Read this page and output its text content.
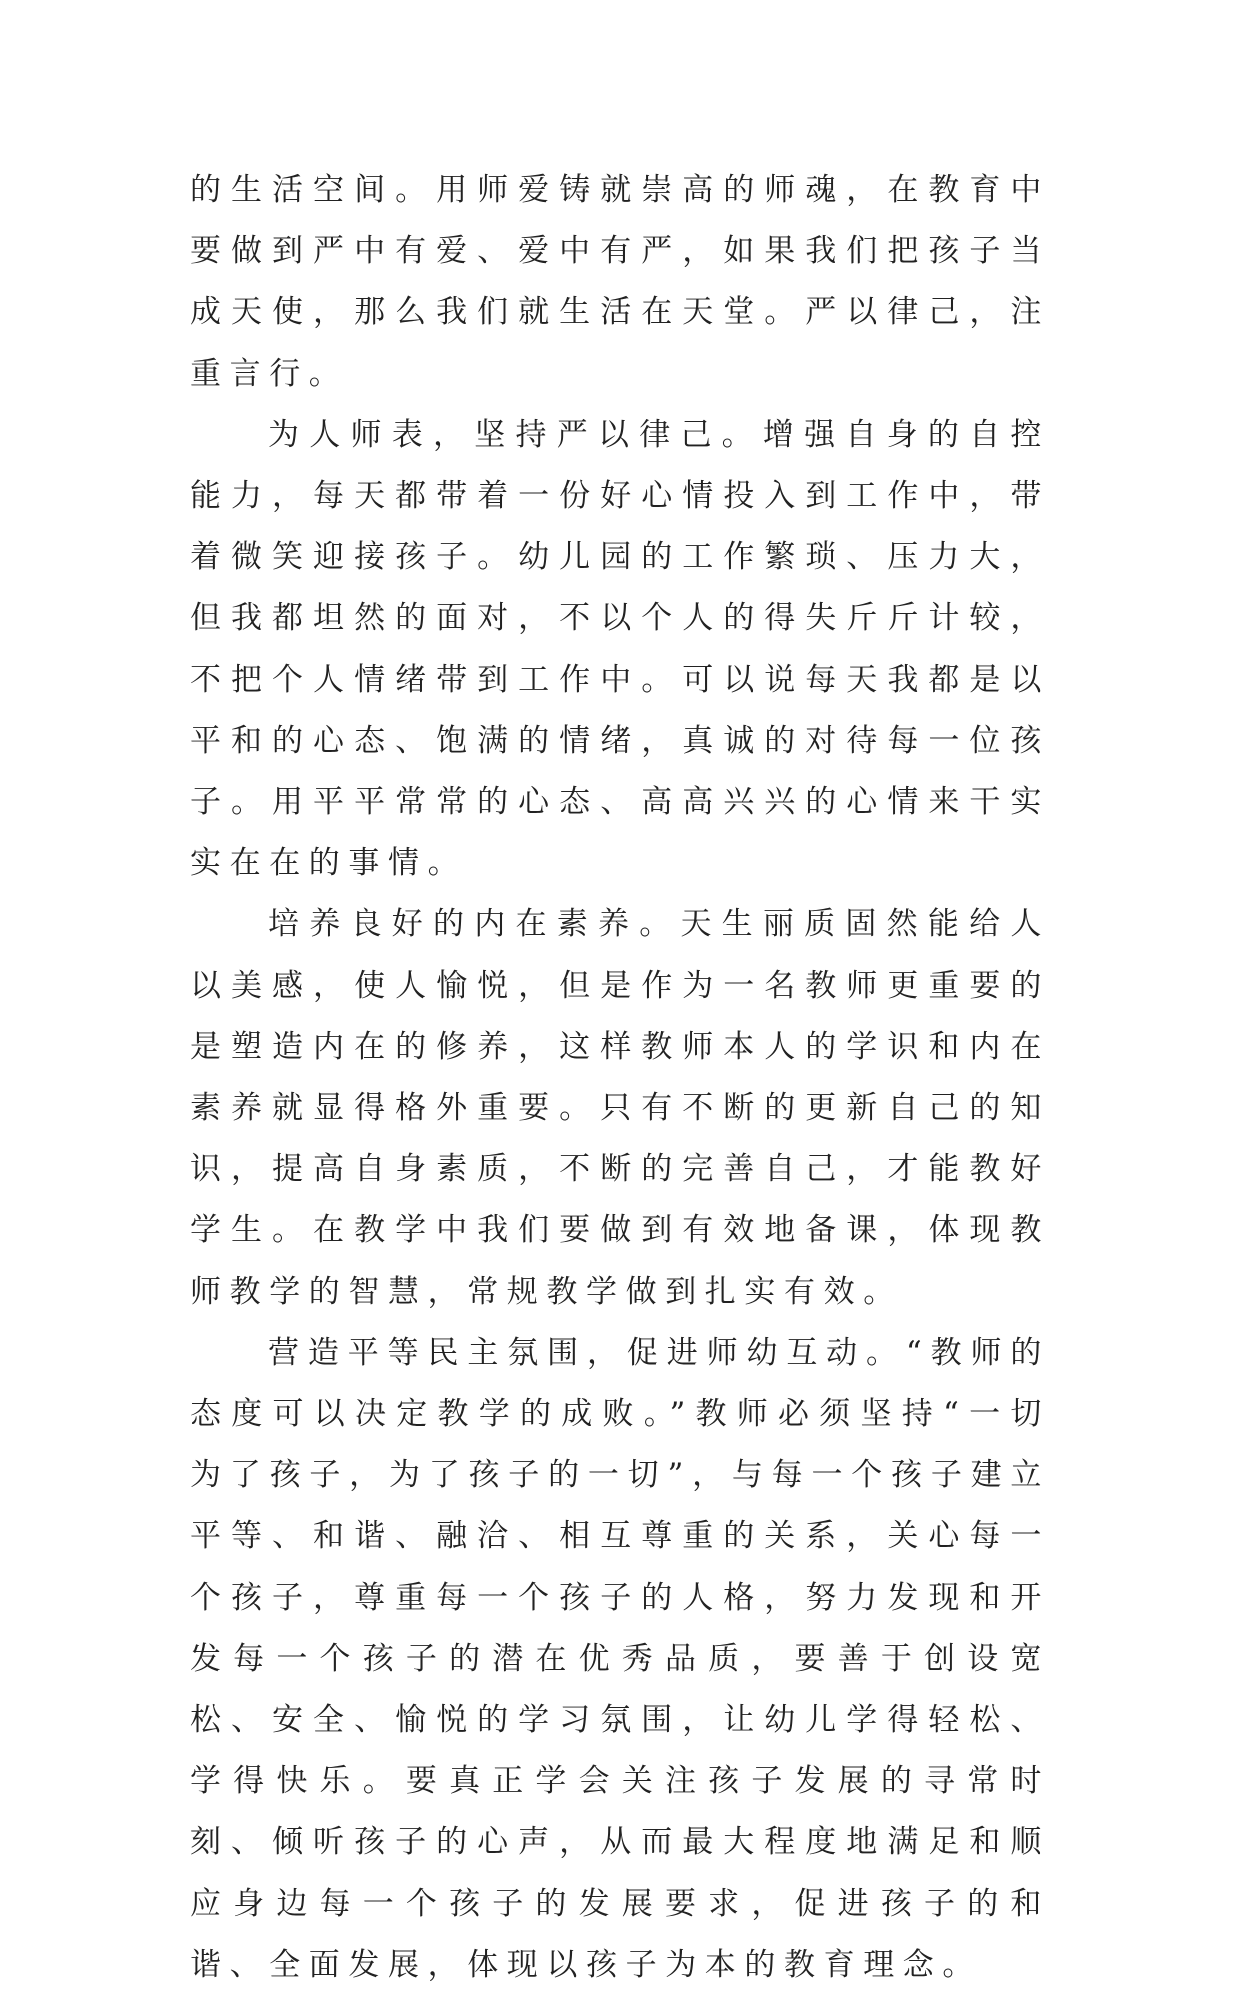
的生活空间。用师爱铸就崇高的师魂，在教育中要做到严中有爱、爱中有严，如果我们把孩子当成天使，那么我们就生活在天堂。严以律己，注重言行。

为人师表，坚持严以律己。增强自身的自控能力，每天都带着一份好心情投入到工作中，带着微笑迎接孩子。幼儿园的工作繁琐、压力大，但我都坦然的面对，不以个人的得失斤斤计较，不把个人情绪带到工作中。可以说每天我都是以平和的心态、饱满的情绪，真诚的对待每一位孩子。用平平常常的心态、高高兴兴的心情来干实实在在的事情。

培养良好的内在素养。天生丽质固然能给人以美感，使人愉悦，但是作为一名教师更重要的是塑造内在的修养，这样教师本人的学识和内在素养就显得格外重要。只有不断的更新自己的知识，提高自身素质，不断的完善自己，才能教好学生。在教学中我们要做到有效地备课，体现教师教学的智慧，常规教学做到扎实有效。

营造平等民主氛围，促进师幼互动。“教师的态度可以决定教学的成败。”教师必须坚持“一切为了孩子，为了孩子的一切”，与每一个孩子建立平等、和谐、融洽、相互尊重的关系，关心每一个孩子，尊重每一个孩子的人格，努力发现和开发每一个孩子的潜在优秀品质，要善于创设宽松、安全、愉悦的学习氛围，让幼儿学得轻松、学得快乐。要真正学会关注孩子发展的寻常时刻、倾听孩子的心声，从而最大程度地满足和顺应身边每一个孩子的发展要求，促进孩子的和谐、全面发展，体现以孩子为本的教育理念。
